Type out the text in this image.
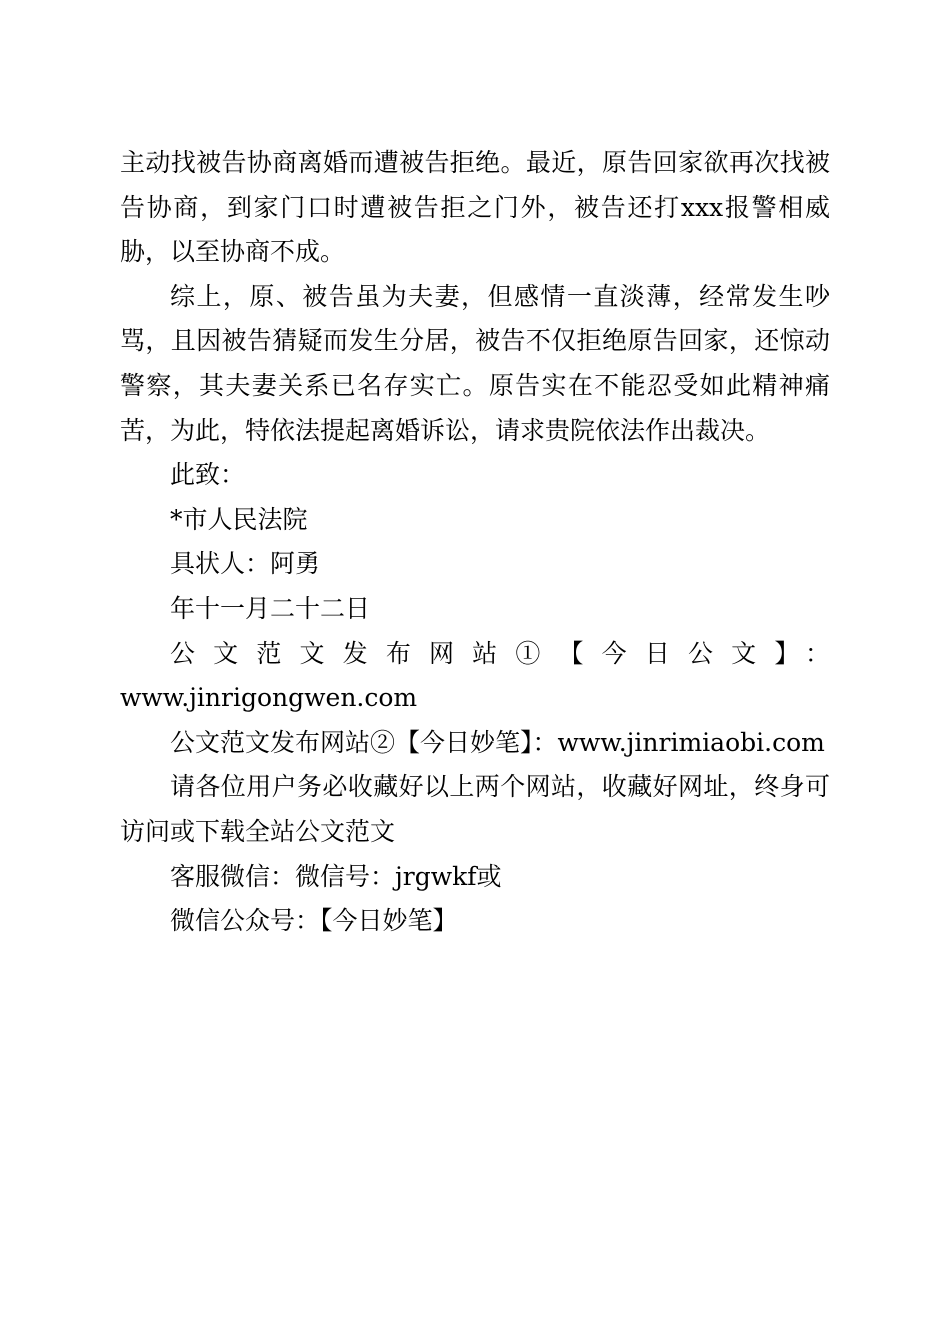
主动找被告协商离婚而遭被告拒绝。最近，原告回家欲再次找被告协商，到家门口时遭被告拒之门外，被告还打xxx报警相威胁，以至协商不成。

综上，原、被告虽为夫妻，但感情一直淡薄，经常发生吵骂，且因被告猜疑而发生分居，被告不仅拒绝原告回家，还惊动警察，其夫妻关系已名存实亡。原告实在不能忍受如此精神痛苦，为此，特依法提起离婚诉讼，请求贵院依法作出裁决。

此致：

*市人民法院

具状人：阿勇

年十一月二十二日

公文范文发布网站①【今日公文】：

www.jinrigongwen.com

公文范文发布网站②【今日妙笔】：www.jinrimiaobi.com

请各位用户务必收藏好以上两个网站，收藏好网址，终身可访问或下载全站公文范文

客服微信：微信号：jrgwkf或

微信公众号：【今日妙笔】
